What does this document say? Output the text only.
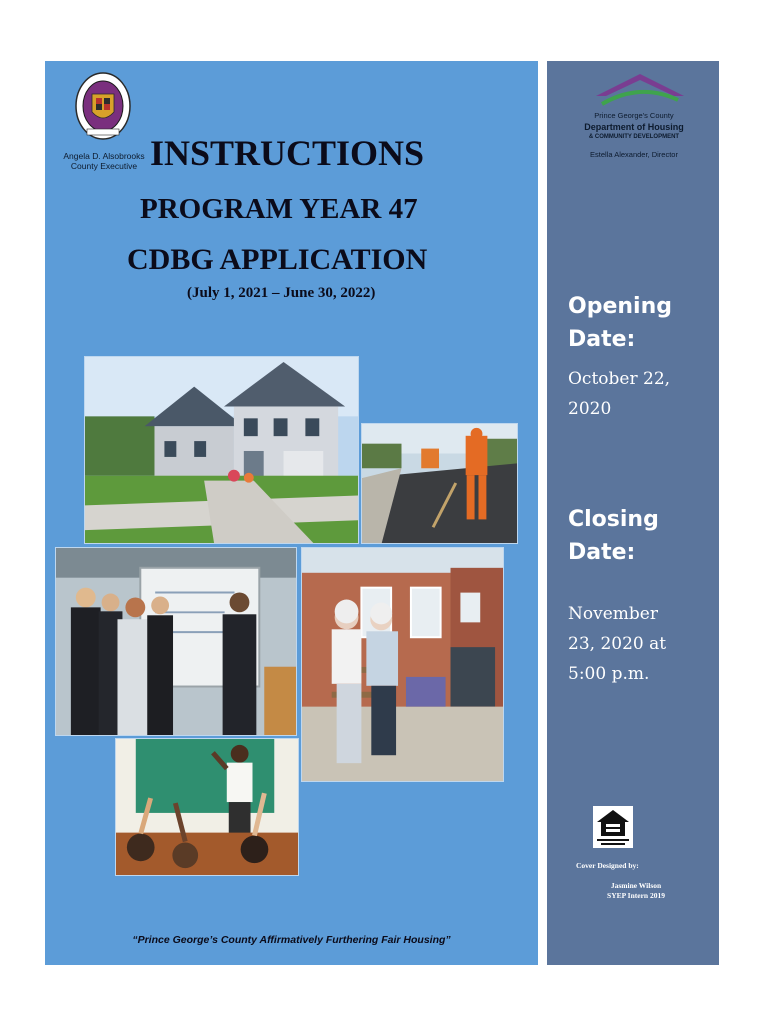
Angela D. Alsobrooks
County Executive INSTRUCTIONS
PROGRAM YEAR 47
CDBG APPLICATION
(July 1, 2021 – June 30, 2022)
“Prince George’s County Affirmatively Furthering Fair Housing”
Prince George's County
Department of Housing
& COMMUNITY DEVELOPMENT
Estella Alexander, Director
Opening
Date:
October 22,
2020
Closing
Date:
November
23, 2020 at
5:00 p.m.
Cover Designed by:
Jasmine Wilson
SYEP Intern 2019
